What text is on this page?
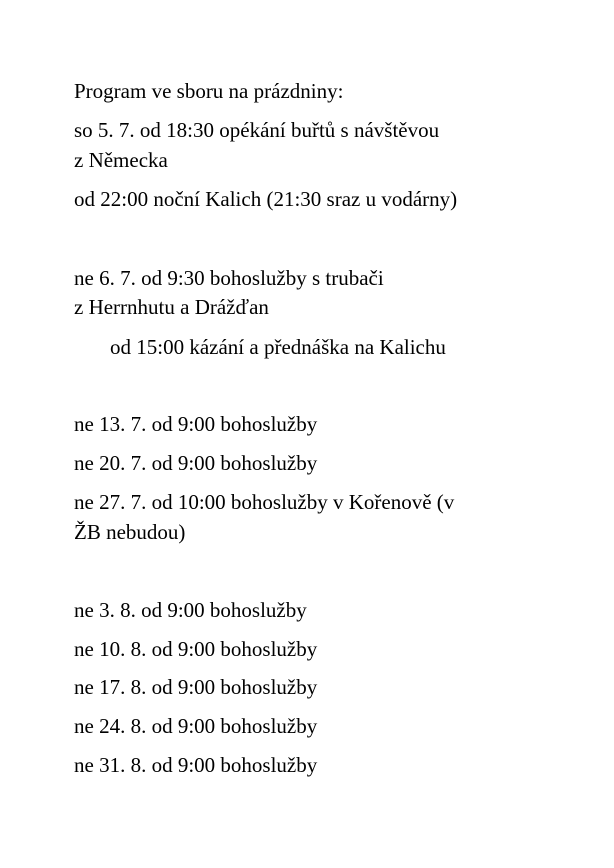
Program ve sboru na prázdniny:
so 5. 7. od 18:30 opékání buřtů s návštěvou
z Německa
od 22:00 noční Kalich (21:30 sraz u vodárny)
ne 6. 7. od 9:30 bohoslužby s trubači
z Herrnhutu a Drážďan
od 15:00 kázání a přednáška na Kalichu
ne 13. 7. od 9:00 bohoslužby
ne 20. 7. od 9:00 bohoslužby
ne 27. 7. od 10:00 bohoslužby v Kořenově (v
ŽB nebudou)
ne 3. 8. od 9:00 bohoslužby
ne 10. 8. od 9:00 bohoslužby
ne 17. 8. od 9:00 bohoslužby
ne 24. 8. od 9:00 bohoslužby
ne 31. 8. od 9:00 bohoslužby
